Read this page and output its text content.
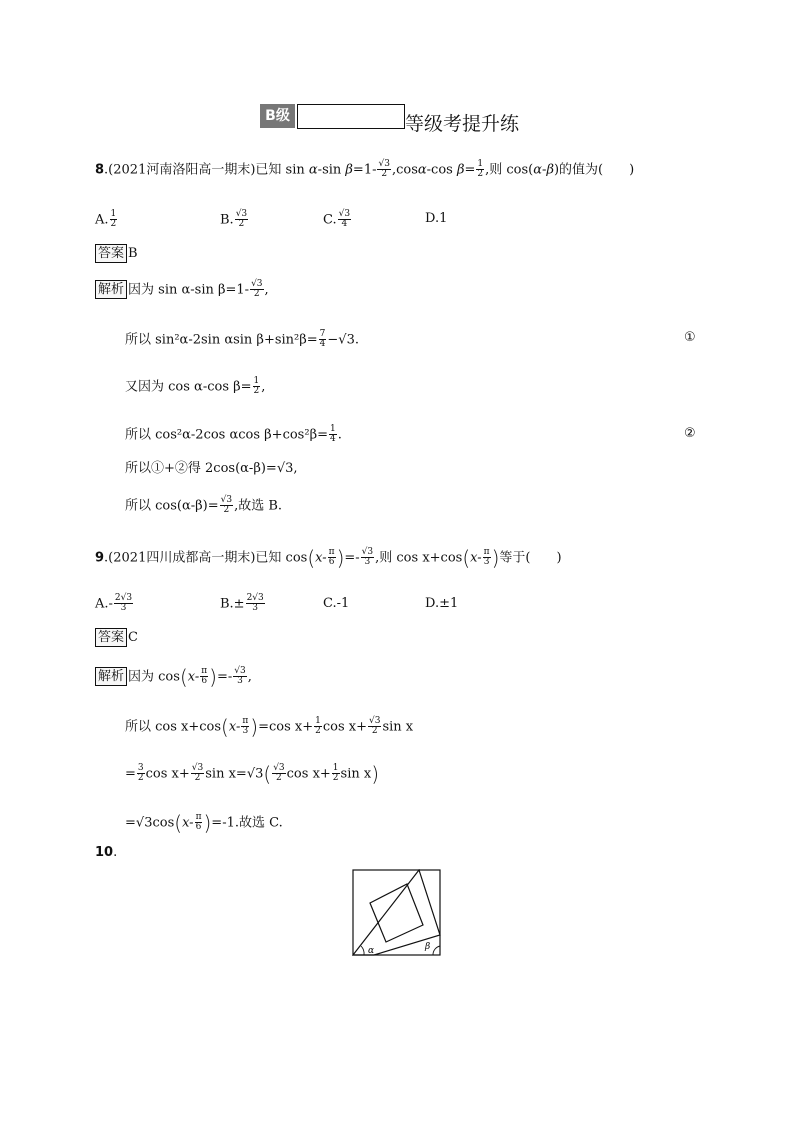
B级	等级考提升练
8.(2021河南洛阳高一期末)已知 sin α-sin $\beta=1- \frac{√3}{2} ,\cos\alpha-\cos$ $\beta= \frac{1}{2}$ ,则 cos(α-β)的值为( )
A. $\frac{1}{2}$	B. $\frac{√3}{2}$	C. $\frac{√3}{4}$	D.1
答案 B
解析 因为 sin α-sin $\beta=1- \frac{√3}{2}$ ,
所以 sin²α-2sin αsin $\beta+\sin^2\beta= \frac{7}{4} -√3$.	①
又因为 cos α-cos $\beta= \frac{1}{2}$ ,
所以 cos²α-2cos αcos $\beta+\cos^2\beta= \frac{1}{4}$ .	②
所以①+②得 2cos(α-β)=√3,
所以 $\cos(\alpha-\beta)= \frac{√3}{2}$ ,故选 B.
9.(2021四川成都高一期末)已知 $\cos(x- \frac{\pi}{6}$ )=- $\frac{√3}{3}$ ,则 $\cos x+\cos(x- \frac{\pi}{3}$ )等于( )
$A.- \frac{2√3}{3}$	$B.\pm \frac{2√3}{3}$	C.-1	D.±1
答案 C
解析 因为 $\cos(x- \frac{\pi}{6}$ )=- $\frac{√3}{3}$ ,
所以 $\cos x+\cos(x- \frac{\pi}{3} )=\cos$ $x+ \frac{1}{2}$ $\cos x+ \frac{√3}{2}$ sin x
= $\frac{3}{2}$ $\cos x+ \frac{√3}{2}$ $\sin x=√3( \frac{√3}{2}$ $\cos x+ \frac{1}{2}$ sin x)
$=√3\cos(x- \frac{\pi}{6} )=-1$.故选 C.
10.
α	β
